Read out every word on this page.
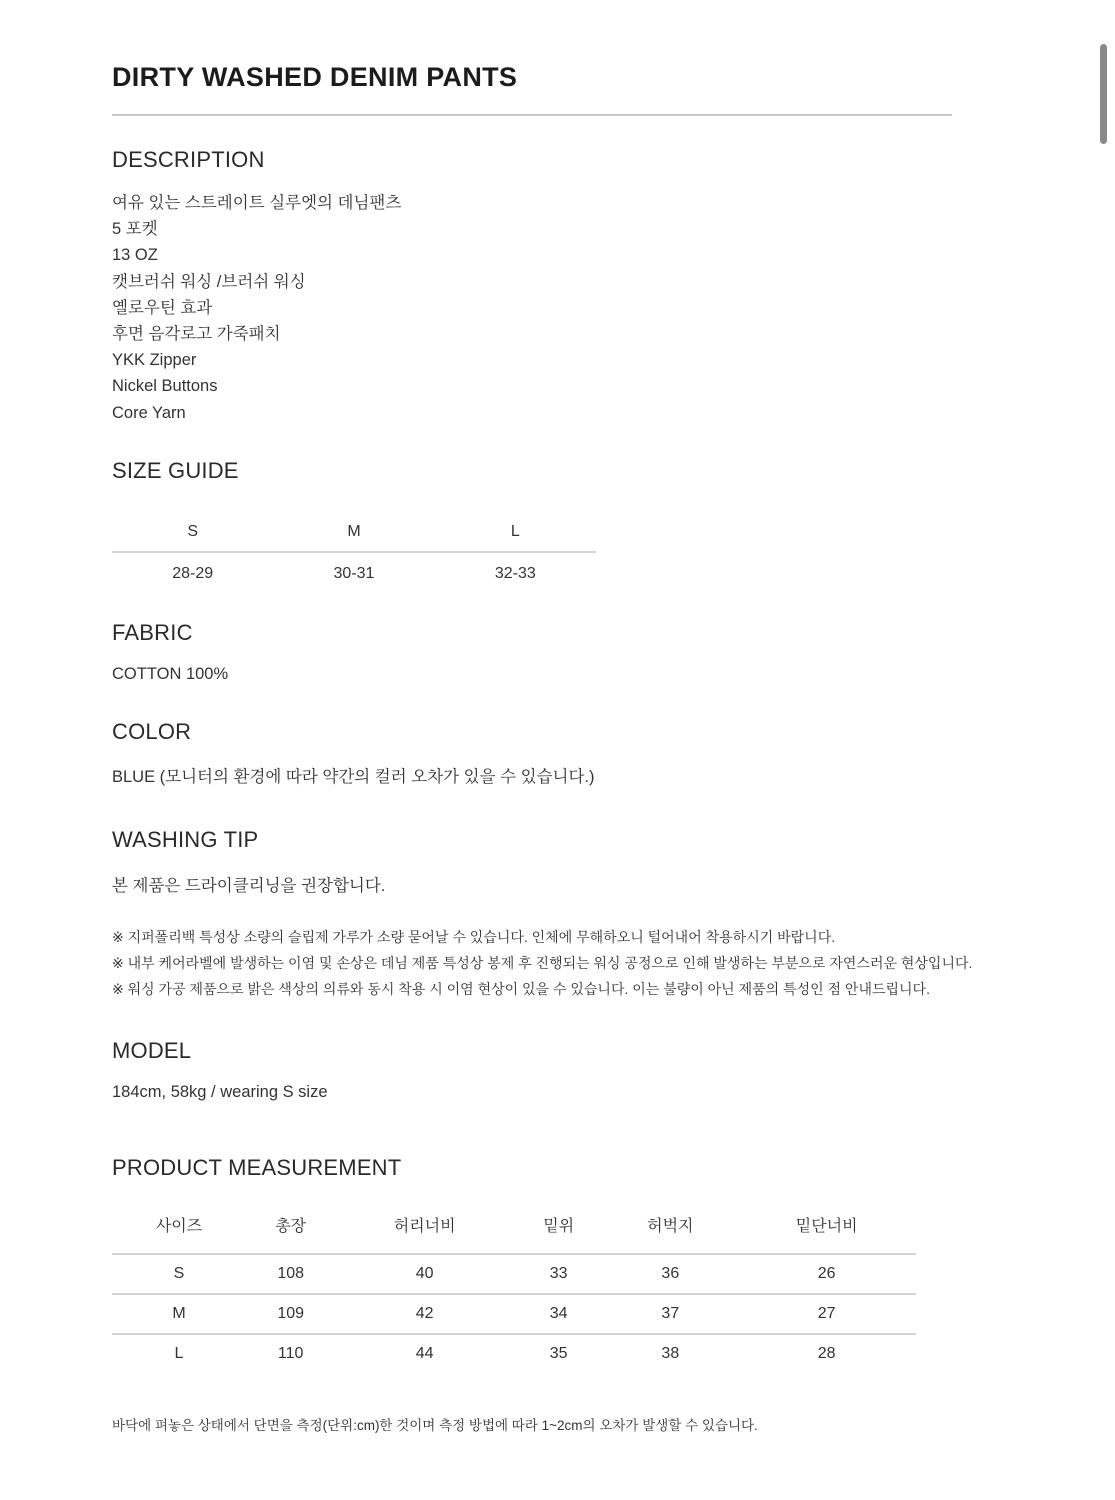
DIRTY WASHED DENIM PANTS
DESCRIPTION
여유 있는 스트레이트 실루엣의 데님팬츠
5 포켓
13 OZ
캣브러쉬 워싱 /브러쉬 워싱
옐로우틴 효과
후면 음각로고 가죽패치
YKK Zipper
Nickel Buttons
Core Yarn
SIZE GUIDE
S	M	L
28-29	30-31	32-33
FABRIC
COTTON 100%
COLOR
BLUE (모니터의 환경에 따라 약간의 컬러 오차가 있을 수 있습니다.)
WASHING TIP
본 제품은 드라이클리닝을 권장합니다.
※ 지퍼폴리백 특성상 소량의 슬립제 가루가 소량 묻어날 수 있습니다. 인체에 무해하오니 털어내어 착용하시기 바랍니다.
※ 내부 케어라벨에 발생하는 이염 및 손상은 데님 제품 특성상 봉제 후 진행되는 워싱 공정으로 인해 발생하는 부분으로 자연스러운 현상입니다.
※ 워싱 가공 제품으로 밝은 색상의 의류와 동시 착용 시 이염 현상이 있을 수 있습니다. 이는 불량이 아닌 제품의 특성인 점 안내드립니다.
MODEL
184cm, 58kg / wearing S size
PRODUCT MEASUREMENT
사이즈	총장	허리너비	밑위	허벅지	밑단너비
S	108	40	33	36	26
M	109	42	34	37	27
L	110	44	35	38	28
바닥에 펴놓은 상태에서 단면을 측정(단위:cm)한 것이며 측정 방법에 따라 1~2cm의 오차가 발생할 수 있습니다.
